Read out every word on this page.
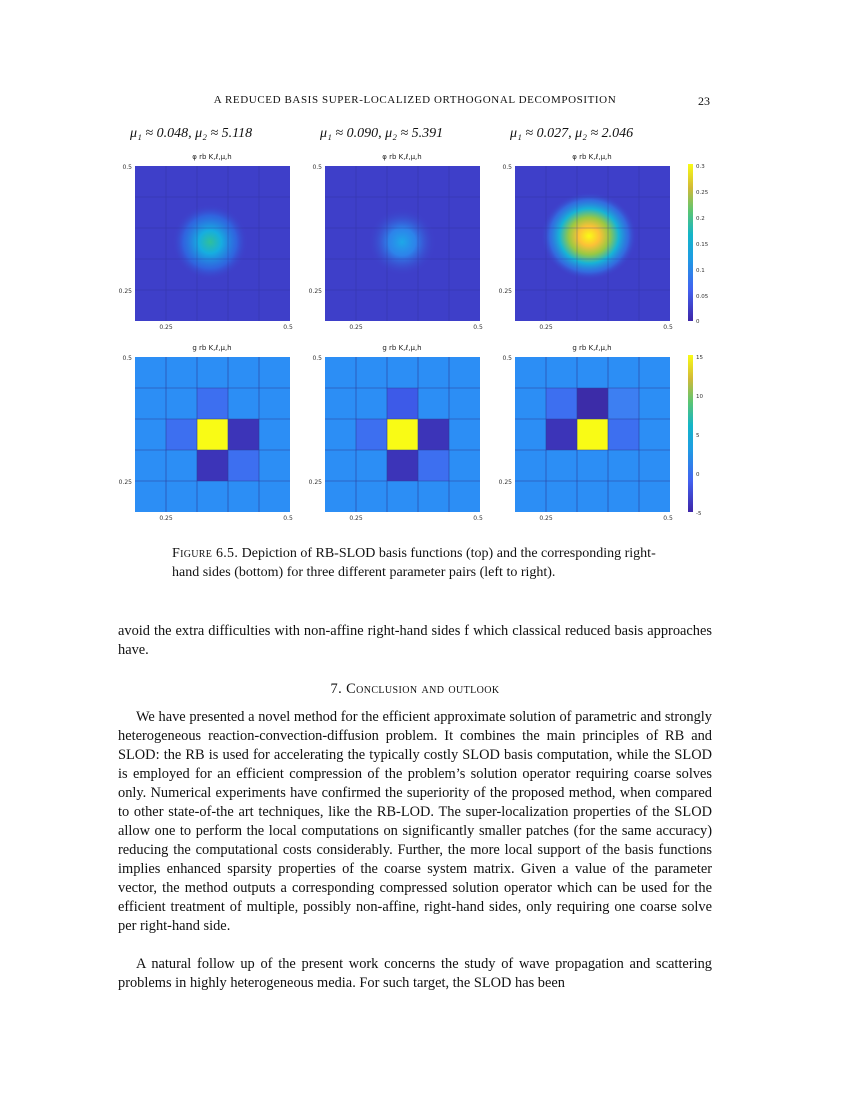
A REDUCED BASIS SUPER-LOCALIZED ORTHOGONAL DECOMPOSITION	23
μ₁ ≈ 0.048, μ₂ ≈ 5.118	μ₁ ≈ 0.090, μ₂ ≈ 5.391	μ₁ ≈ 0.027, μ₂ ≈ 2.046
φ rb K,ℓ,μ,h	φ rb K,ℓ,μ,h	φ rb K,ℓ,μ,h
0.5
0.25
0.25	0.5
0.5
0.25
0.25	0.5
0.5
0.25
0.25	0.5
0.3
0.25
0.2
0.15
0.1
0.05
0
g rb K,ℓ,μ,h	g rb K,ℓ,μ,h	g rb K,ℓ,μ,h
0.5
0.25
0.25	0.5
0.5
0.25
0.25	0.5
0.5
0.25
0.25	0.5
15
10
5
0
-5
Figure 6.5. Depiction of RB-SLOD basis functions (top) and the corresponding right-hand sides (bottom) for three different parameter pairs (left to right).
avoid the extra difficulties with non-affine right-hand sides f which classical reduced basis approaches have.
7. Conclusion and outlook
We have presented a novel method for the efficient approximate solution of parametric and strongly heterogeneous reaction-convection-diffusion problem. It combines the main principles of RB and SLOD: the RB is used for accelerating the typically costly SLOD basis computation, while the SLOD is employed for an efficient compression of the problem’s solution operator requiring coarse solves only. Numerical experiments have confirmed the superiority of the proposed method, when compared to other state-of-the art techniques, like the RB-LOD. The super-localization properties of the SLOD allow one to perform the local computations on significantly smaller patches (for the same accuracy) reducing the computational costs considerably. Further, the more local support of the basis functions implies enhanced sparsity properties of the coarse system matrix. Given a value of the parameter vector, the method outputs a corresponding compressed solution operator which can be used for the efficient treatment of multiple, possibly non-affine, right-hand sides, only requiring one coarse solve per right-hand side.
A natural follow up of the present work concerns the study of wave propagation and scattering problems in highly heterogeneous media. For such target, the SLOD has been
